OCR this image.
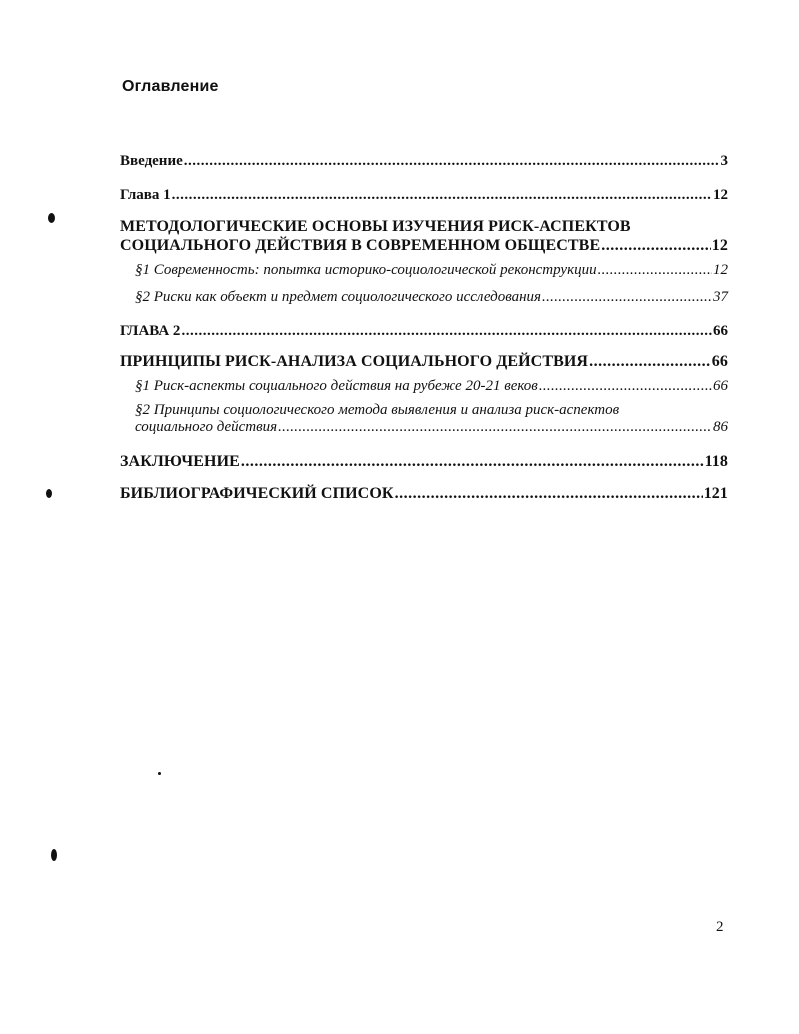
Оглавление
Введение .....	3
Глава 1 .....	12
МЕТОДОЛОГИЧЕСКИЕ ОСНОВЫ ИЗУЧЕНИЯ РИСК-АСПЕКТОВ
СОЦИАЛЬНОГО ДЕЙСТВИЯ В СОВРЕМЕННОМ ОБЩЕСТВЕ .....	12
§1 Современность: попытка историко-социологической реконструкции .....	12
§2 Риски как объект и предмет социологического исследования .....	37
ГЛАВА 2 .....	66
ПРИНЦИПЫ РИСК-АНАЛИЗА СОЦИАЛЬНОГО ДЕЙСТВИЯ .....	66
§1 Риск-аспекты социального действия на рубеже 20-21 веков .....	66
§2 Принципы социологического метода выявления и анализа риск-аспектов
социального действия .....	86
ЗАКЛЮЧЕНИЕ .....	118
БИБЛИОГРАФИЧЕСКИЙ СПИСОК .....	121
2
